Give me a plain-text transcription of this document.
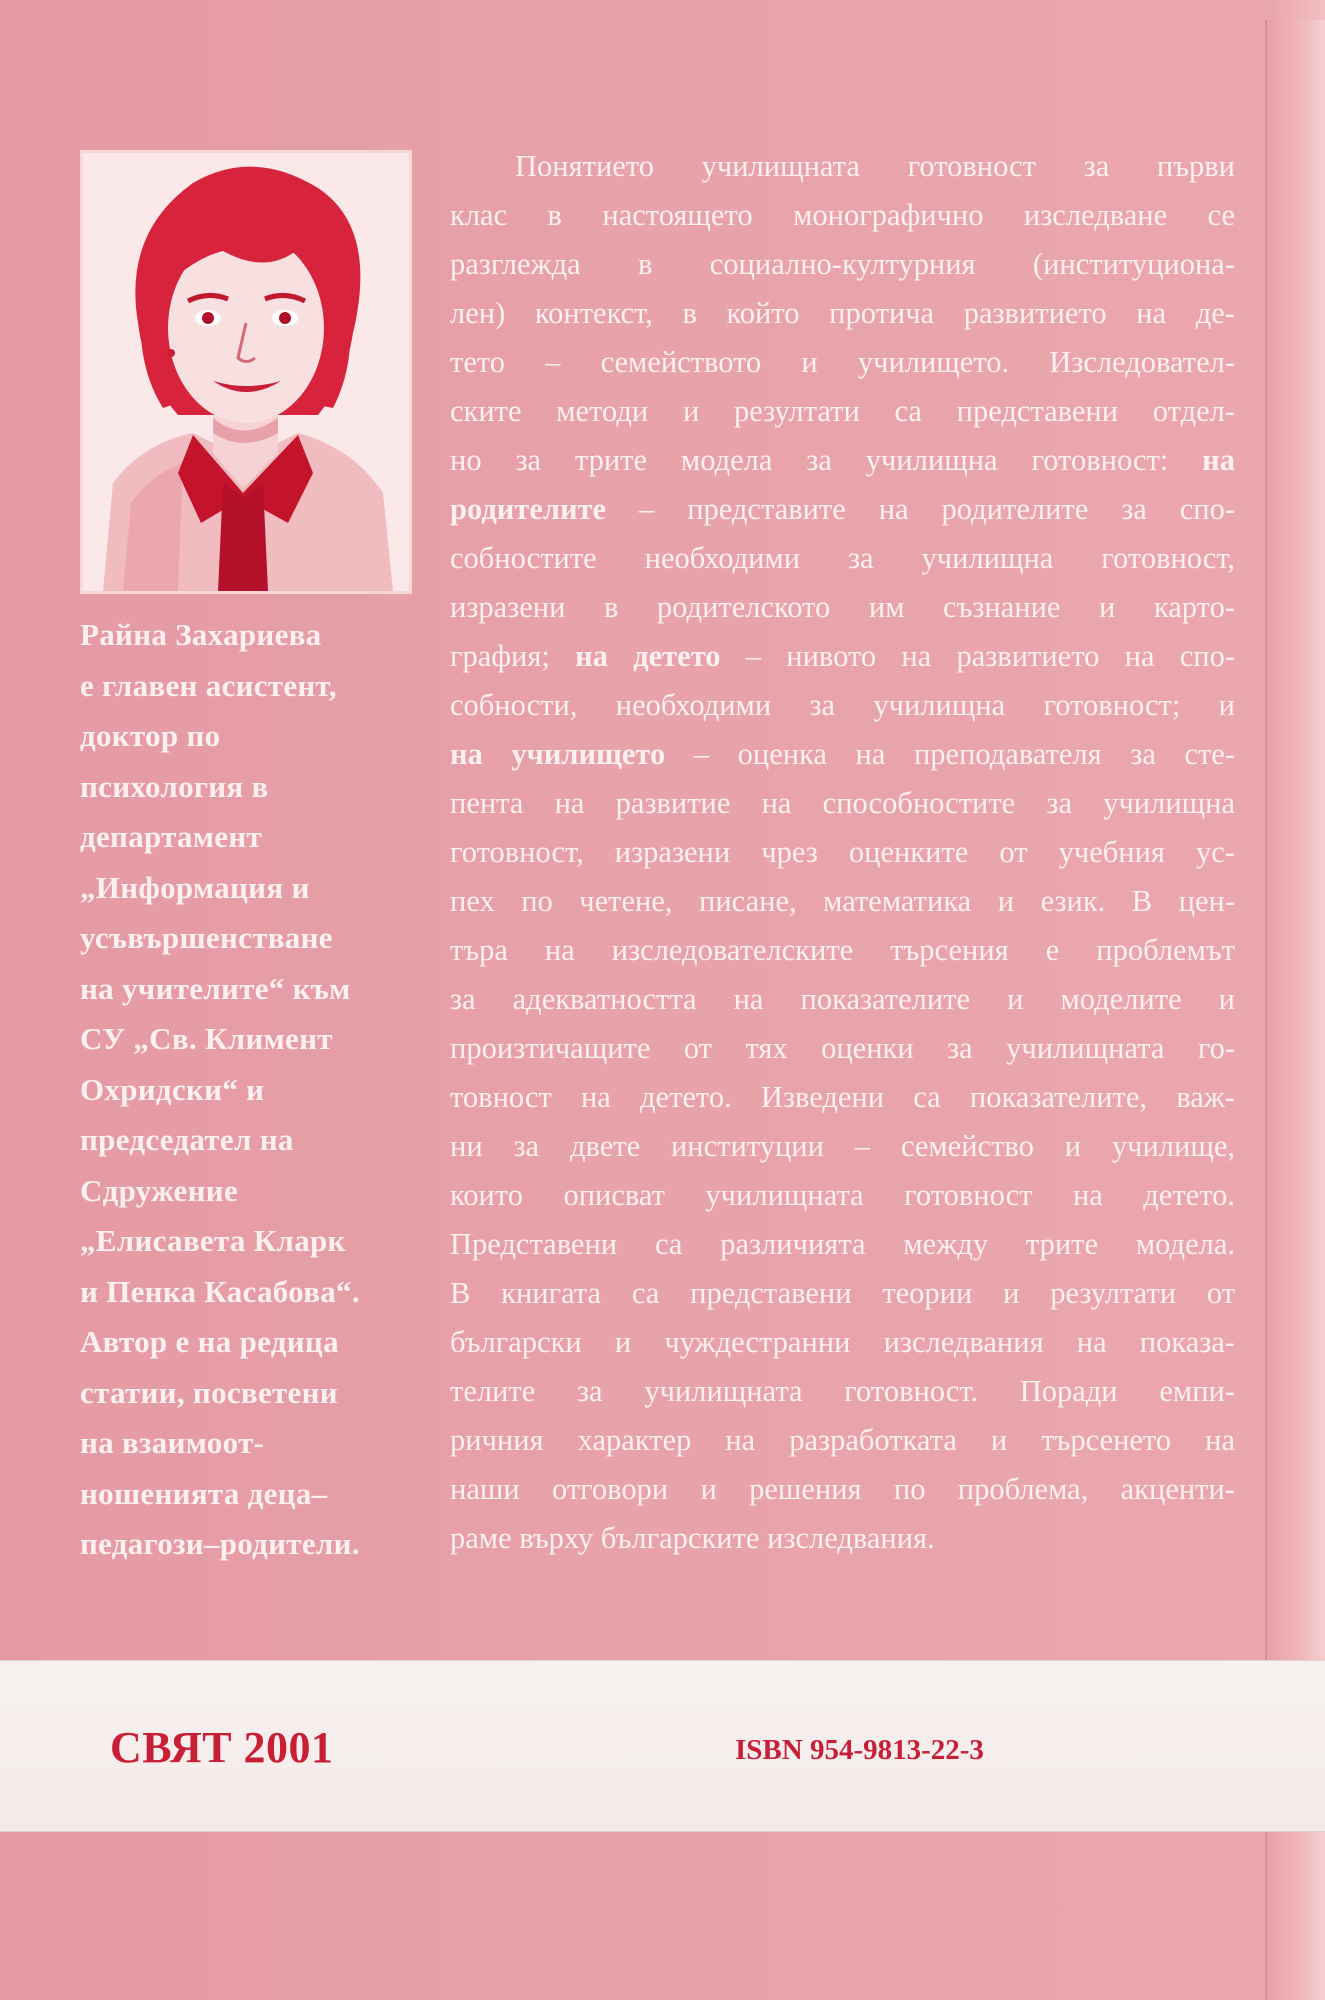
Райна Захариева
е главен асистент,
доктор по
психология в
департамент
„Информация и
усъвършенстване
на учителите“ към
СУ „Св. Климент
Охридски“ и
председател на
Сдружение
„Елисавета Кларк
и Пенка Касабова“.
Автор е на редица
статии, посветени
на взаимоот-
ношенията деца–
педагози–родители.
Понятието училищната готовност за първи
клас в настоящето монографично изследване се
разглежда в социално-културния (институциона-
лен) контекст, в който протича развитието на де-
тето – семейството и училището. Изследовател-
ските методи и резултати са представени отдел-
но за трите модела за училищна готовност: на
родителите – представите на родителите за спо-
собностите необходими за училищна готовност,
изразени в родителското им съзнание и карто-
графия; на детето – нивото на развитието на спо-
собности, необходими за училищна готовност; и
на училището – оценка на преподавателя за сте-
пента на развитие на способностите за училищна
готовност, изразени чрез оценките от учебния ус-
пех по четене, писане, математика и език. В цен-
търа на изследователските търсения е проблемът
за адекватността на показателите и моделите и
произтичащите от тях оценки за училищната го-
товност на детето. Изведени са показателите, важ-
ни за двете институции – семейство и училище,
които описват училищната готовност на детето.
Представени са различията между трите модела.
В книгата са представени теории и резултати от
български и чуждестранни изследвания на показа-
телите за училищната готовност. Поради емпи-
ричния характер на разработката и търсенето на
наши отговори и решения по проблема, акценти-
раме върху българските изследвания.
СВЯТ 2001	ISBN 954-9813-22-3
